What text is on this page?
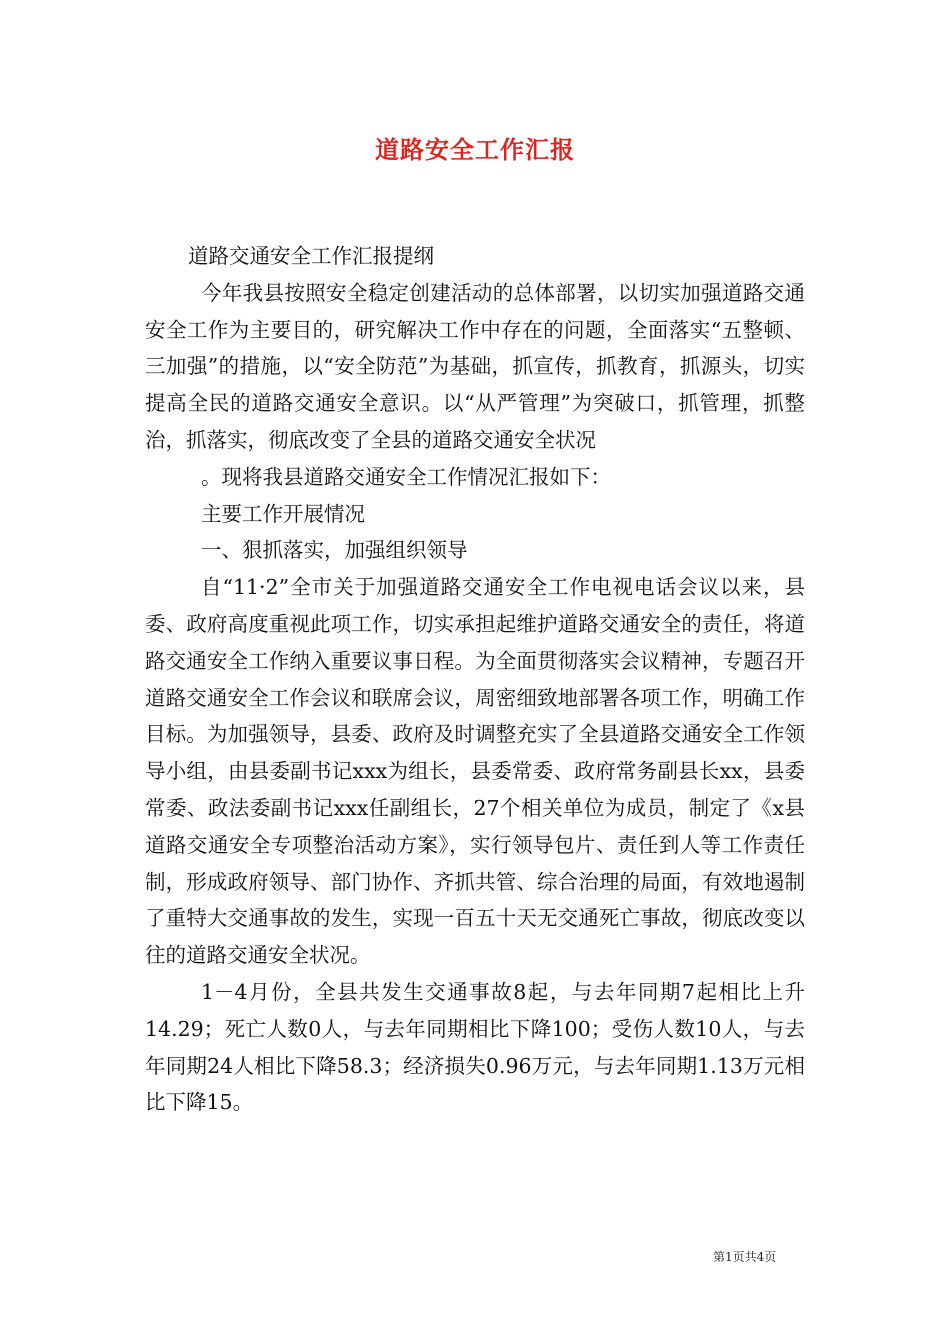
道路安全工作汇报

道路交通安全工作汇报提纲

今年我县按照安全稳定创建活动的总体部署，以切实加强道路交通安全工作为主要目的，研究解决工作中存在的问题，全面落实“五整顿、三加强”的措施，以“安全防范”为基础，抓宣传，抓教育，抓源头，切实提高全民的道路交通安全意识。以“从严管理”为突破口，抓管理，抓整治，抓落实，彻底改变了全县的道路交通安全状况

。现将我县道路交通安全工作情况汇报如下：

主要工作开展情况

一、狠抓落实，加强组织领导

自“11·2”全市关于加强道路交通安全工作电视电话会议以来，县委、政府高度重视此项工作，切实承担起维护道路交通安全的责任，将道路交通安全工作纳入重要议事日程。为全面贯彻落实会议精神，专题召开道路交通安全工作会议和联席会议，周密细致地部署各项工作，明确工作目标。为加强领导，县委、政府及时调整充实了全县道路交通安全工作领导小组，由县委副书记xxx为组长，县委常委、政府常务副县长xx，县委常委、政法委副书记xxx任副组长，27个相关单位为成员，制定了《x县道路交通安全专项整治活动方案》，实行领导包片、责任到人等工作责任制，形成政府领导、部门协作、齐抓共管、综合治理的局面，有效地遏制了重特大交通事故的发生，实现一百五十天无交通死亡事故，彻底改变以往的道路交通安全状况。

1－4月份，全县共发生交通事故8起，与去年同期7起相比上升14.29；死亡人数0人，与去年同期相比下降100；受伤人数10人，与去年同期24人相比下降58.3；经济损失0.96万元，与去年同期1.13万元相比下降15。

第1页共4页
